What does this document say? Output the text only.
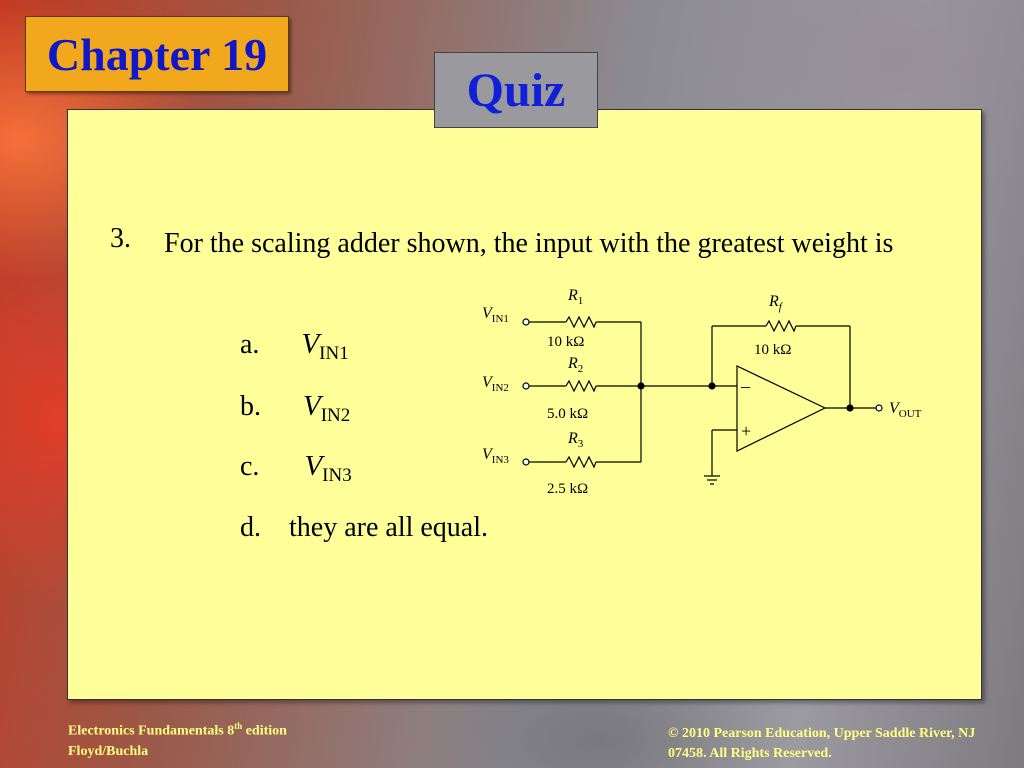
Chapter 19
Quiz
3. For the scaling adder shown, the input with the greatest weight is
a. $V_{IN1}$
b. $V_{IN2}$
c. $V_{IN3}$
d. they are all equal.
$V_{IN1}$
$V_{IN2}$
$V_{IN3}$
$R_1$
$R_2$
$R_3$
$R_f$
10 kΩ
5.0 kΩ
2.5 kΩ
10 kΩ
–
+
$V_{OUT}$
Electronics Fundamentals 8th edition
Floyd/Buchla
© 2010 Pearson Education, Upper Saddle River, NJ 07458. All Rights Reserved.
